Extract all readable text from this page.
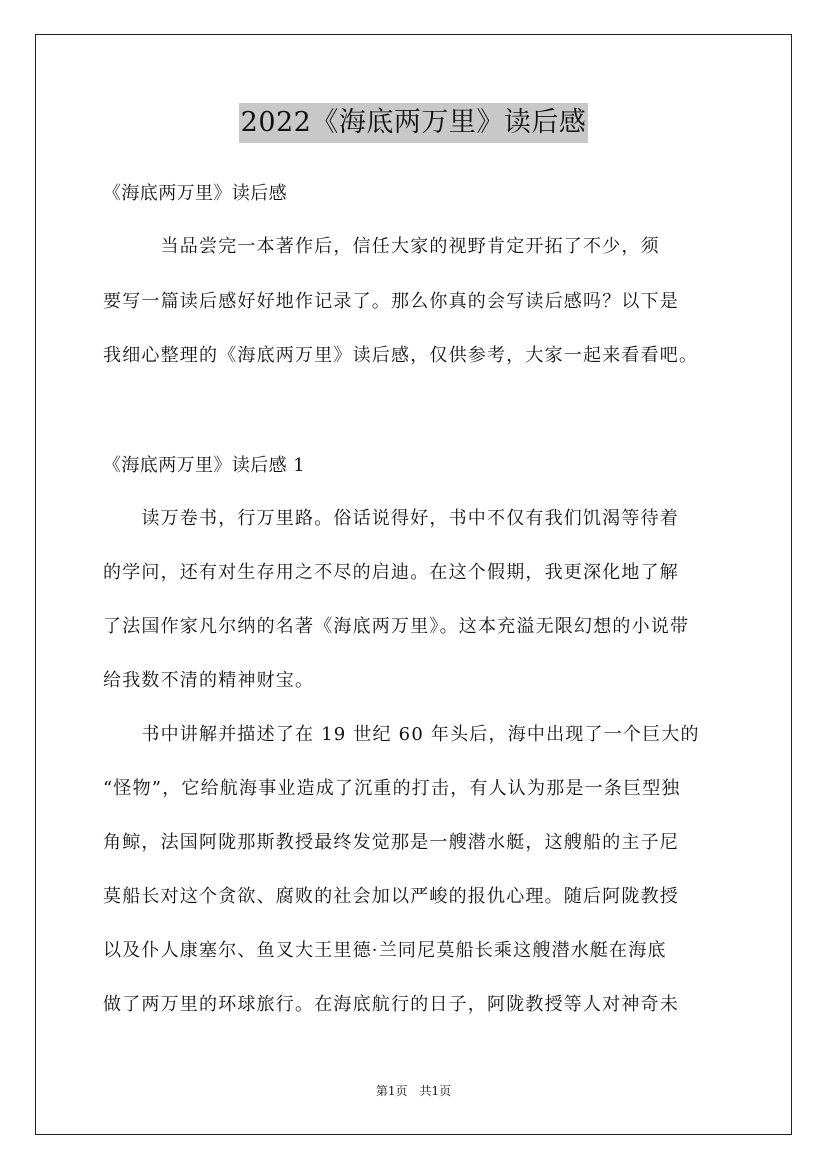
2022《海底两万里》读后感
《海底两万里》读后感
　　　当品尝完一本著作后，信任大家的视野肯定开拓了不少，须
要写一篇读后感好好地作记录了。那么你真的会写读后感吗？以下是
我细心整理的《海底两万里》读后感，仅供参考，大家一起来看看吧。
《海底两万里》读后感 1
　　读万卷书，行万里路。俗话说得好，书中不仅有我们饥渴等待着
的学问，还有对生存用之不尽的启迪。在这个假期，我更深化地了解
了法国作家凡尔纳的名著《海底两万里》。这本充溢无限幻想的小说带
给我数不清的精神财宝。
　　书中讲解并描述了在 19 世纪 60 年头后，海中出现了一个巨大的
“怪物”，它给航海事业造成了沉重的打击，有人认为那是一条巨型独
角鲸，法国阿陇那斯教授最终发觉那是一艘潜水艇，这艘船的主子尼
莫船长对这个贪欲、腐败的社会加以严峻的报仇心理。随后阿陇教授
以及仆人康塞尔、鱼叉大王里德·兰同尼莫船长乘这艘潜水艇在海底
做了两万里的环球旅行。在海底航行的日子，阿陇教授等人对神奇未
第1页　共1页
